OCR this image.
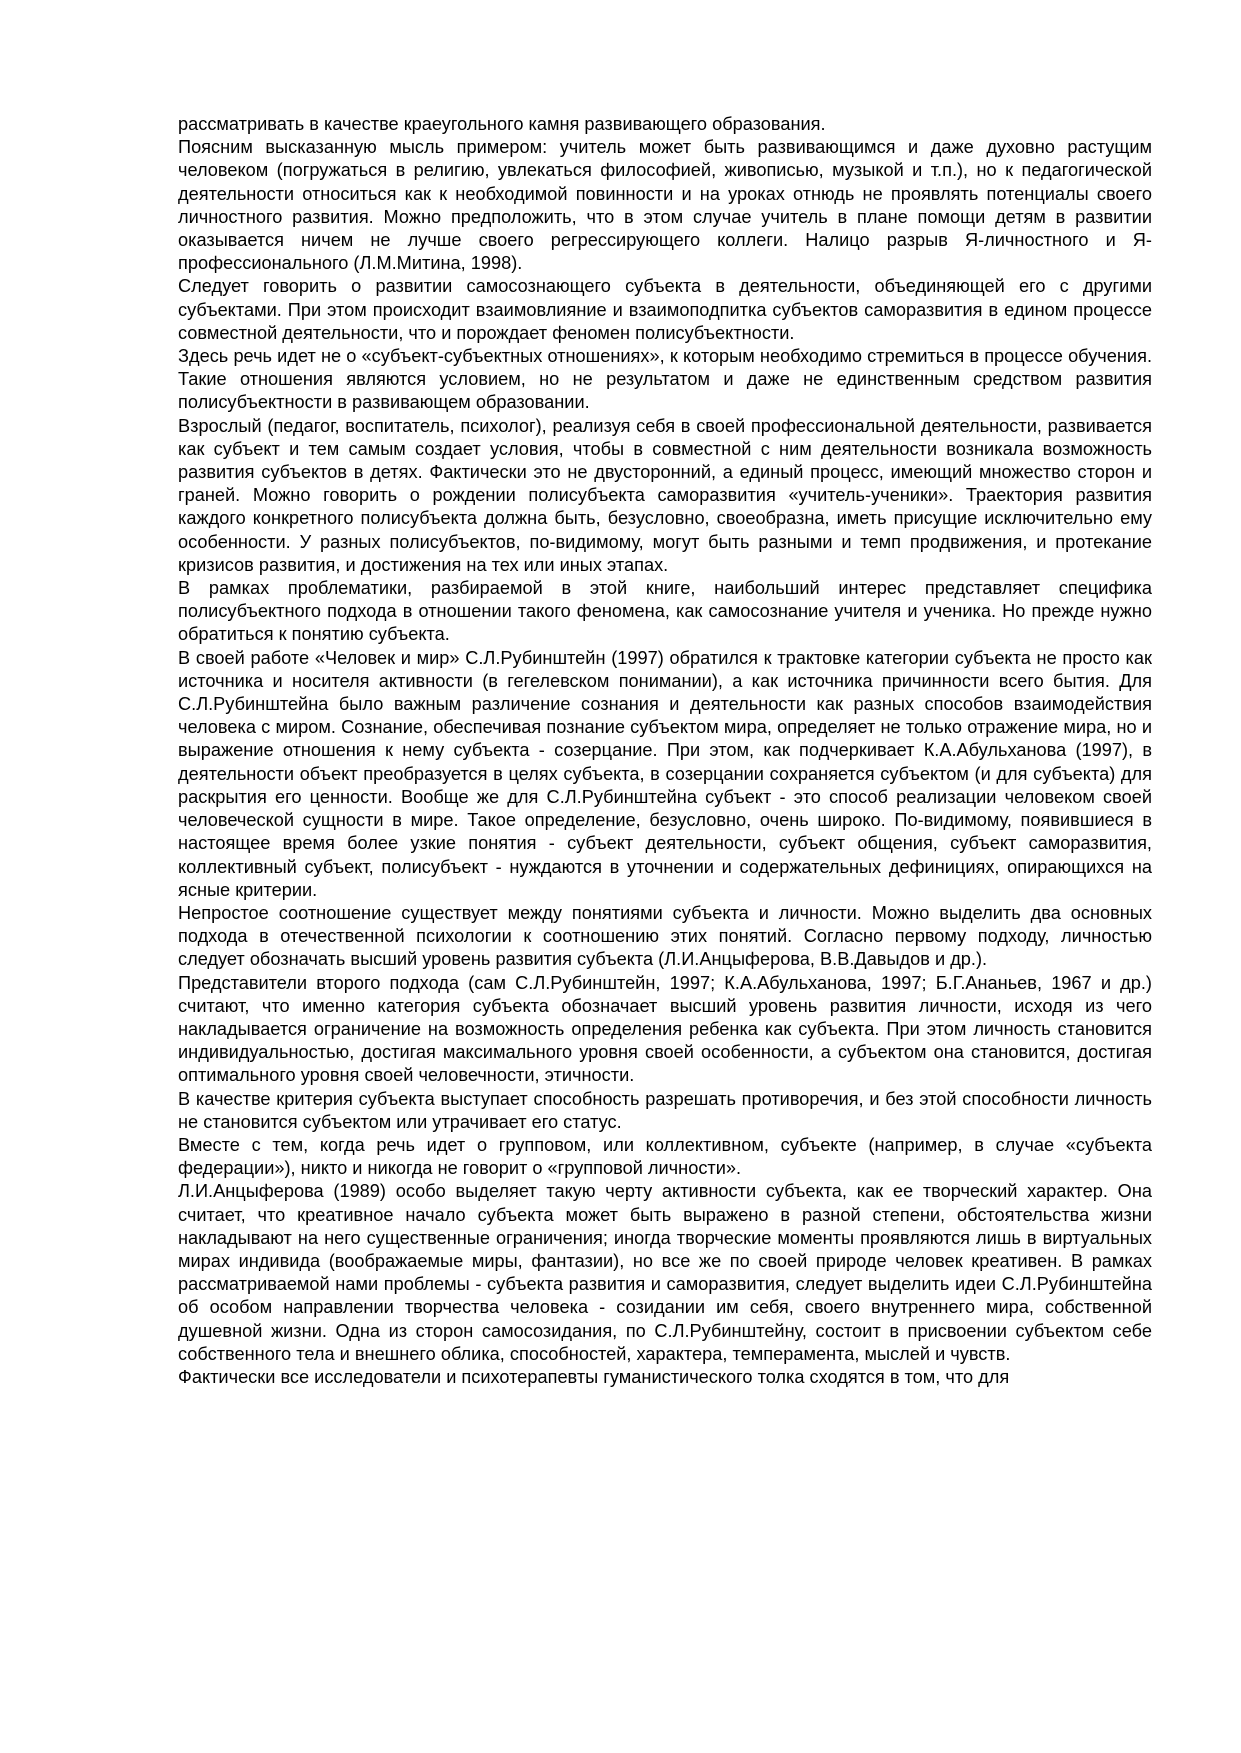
рассматривать в качестве краеугольного камня развивающего образования.

Поясним высказанную мысль примером: учитель может быть развивающимся и даже духовно растущим человеком (погружаться в религию, увлекаться философией, живописью, музыкой и т.п.), но к педагогической деятельности относиться как к необходимой повинности и на уроках отнюдь не проявлять потенциалы своего личностного развития. Можно предположить, что в этом случае учитель в плане помощи детям в развитии оказывается ничем не лучше своего регрессирующего коллеги. Налицо разрыв Я-личностного и Я-профессионального (Л.М.Митина, 1998).

Следует говорить о развитии самосознающего субъекта в деятельности, объединяющей его с другими субъектами. При этом происходит взаимовлияние и взаимоподпитка субъектов саморазвития в едином процессе совместной деятельности, что и порождает феномен полисубъектности.

Здесь речь идет не о «субъект-субъектных отношениях», к которым необходимо стремиться в процессе обучения. Такие отношения являются условием, но не результатом и даже не единственным средством развития полисубъектности в развивающем образовании.

Взрослый (педагог, воспитатель, психолог), реализуя себя в своей профессиональной деятельности, развивается как субъект и тем самым создает условия, чтобы в совместной с ним деятельности возникала возможность развития субъектов в детях. Фактически это не двусторонний, а единый процесс, имеющий множество сторон и граней. Можно говорить о рождении полисубъекта саморазвития «учитель-ученики». Траектория развития каждого конкретного полисубъекта должна быть, безусловно, своеобразна, иметь присущие исключительно ему особенности. У разных полисубъектов, по-видимому, могут быть разными и темп продвижения, и протекание кризисов развития, и достижения на тех или иных этапах.

В рамках проблематики, разбираемой в этой книге, наибольший интерес представляет специфика полисубъектного подхода в отношении такого феномена, как самосознание учителя и ученика. Но прежде нужно обратиться к понятию субъекта.

В своей работе «Человек и мир» С.Л.Рубинштейн (1997) обратился к трактовке категории субъекта не просто как источника и носителя активности (в гегелевском понимании), а как источника причинности всего бытия. Для С.Л.Рубинштейна было важным различение сознания и деятельности как разных способов взаимодействия человека с миром. Сознание, обеспечивая познание субъектом мира, определяет не только отражение мира, но и выражение отношения к нему субъекта - созерцание. При этом, как подчеркивает К.А.Абульханова (1997), в деятельности объект преобразуется в целях субъекта, в созерцании сохраняется субъектом (и для субъекта) для раскрытия его ценности. Вообще же для С.Л.Рубинштейна субъект - это способ реализации человеком своей человеческой сущности в мире. Такое определение, безусловно, очень широко. По-видимому, появившиеся в настоящее время более узкие понятия - субъект деятельности, субъект общения, субъект саморазвития, коллективный субъект, полисубъект - нуждаются в уточнении и содержательных дефинициях, опирающихся на ясные критерии.

Непростое соотношение существует между понятиями субъекта и личности. Можно выделить два основных подхода в отечественной психологии к соотношению этих понятий. Согласно первому подходу, личностью следует обозначать высший уровень развития субъекта (Л.И.Анцыферова, В.В.Давыдов и др.).

Представители второго подхода (сам С.Л.Рубинштейн, 1997; К.А.Абульханова, 1997; Б.Г.Ананьев, 1967 и др.) считают, что именно категория субъекта обозначает высший уровень развития личности, исходя из чего накладывается ограничение на возможность определения ребенка как субъекта. При этом личность становится индивидуальностью, достигая максимального уровня своей особенности, а субъектом она становится, достигая оптимального уровня своей человечности, этичности.

В качестве критерия субъекта выступает способность разрешать противоречия, и без этой способности личность не становится субъектом или утрачивает его статус.

Вместе с тем, когда речь идет о групповом, или коллективном, субъекте (например, в случае «субъекта федерации»), никто и никогда не говорит о «групповой личности».

Л.И.Анцыферова (1989) особо выделяет такую черту активности субъекта, как ее творческий характер. Она считает, что креативное начало субъекта может быть выражено в разной степени, обстоятельства жизни накладывают на него существенные ограничения; иногда творческие моменты проявляются лишь в виртуальных мирах индивида (воображаемые миры, фантазии), но все же по своей природе человек креативен. В рамках рассматриваемой нами проблемы - субъекта развития и саморазвития, следует выделить идеи С.Л.Рубинштейна об особом направлении творчества человека - созидании им себя, своего внутреннего мира, собственной душевной жизни. Одна из сторон самосозидания, по С.Л.Рубинштейну, состоит в присвоении субъектом себе собственного тела и внешнего облика, способностей, характера, темперамента, мыслей и чувств.

Фактически все исследователи и психотерапевты гуманистического толка сходятся в том, что для
